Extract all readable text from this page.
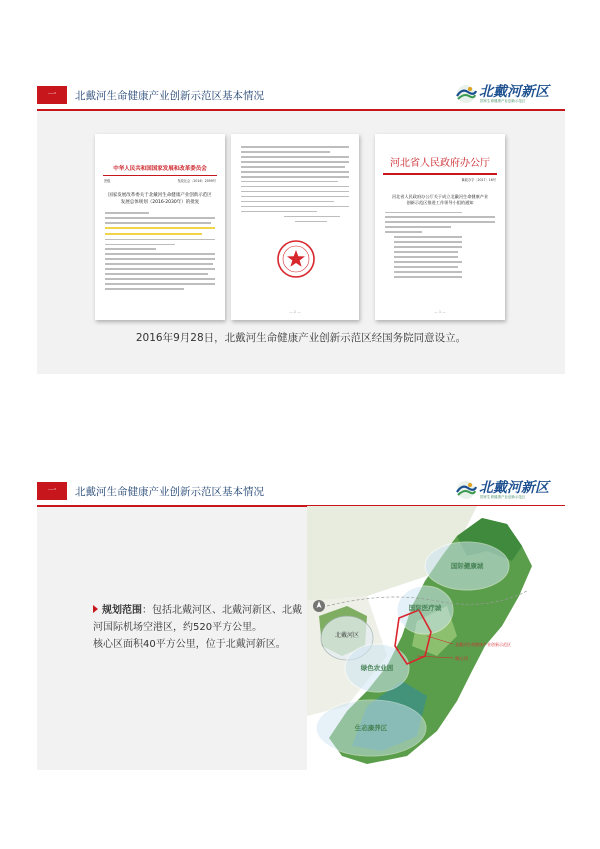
一	北戴河生命健康产业创新示范区基本情况	北戴河新区
国家生命健康产业创新示范区
中华人民共和国国家发展和改革委员会
密级	发改社会〔2016〕2059号
国家发展改革委关于北戴河生命健康产业创新示范区发展总体规划（2016-2030年）的批复
— 2 —
河北省人民政府办公厅
冀政办字〔2017〕16号
河北省人民政府办公厅关于成立北戴河生命健康产业创新示范区推进工作领导小组的通知
— 1 —
2016年9月28日，北戴河生命健康产业创新示范区经国务院同意设立。
一	北戴河生命健康产业创新示范区基本情况	北戴河新区
国家生命健康产业创新示范区
规划范围：包括北戴河区、北戴河新区、北戴河国际机场空港区，约520平方公里。
核心区面积40平方公里，位于北戴河新区。
国际健康城
国际医疗城
北戴河区
绿色农业园
生态康养区
北戴河生命健康产业创新示范区
核心区
